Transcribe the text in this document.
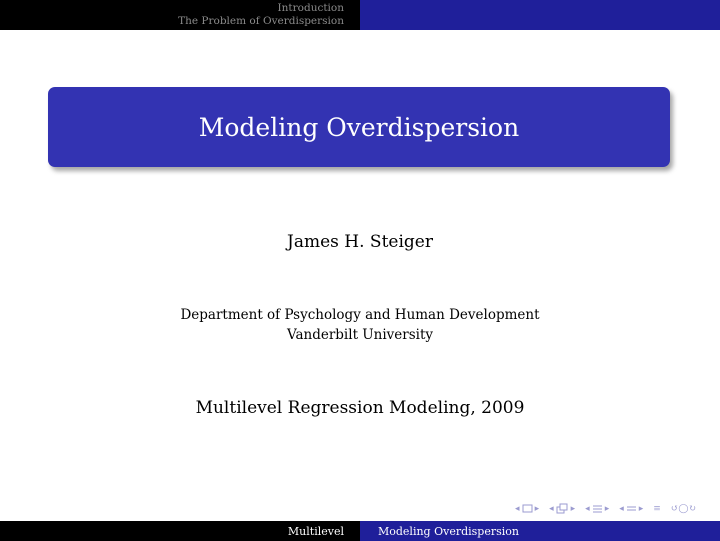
Introduction
The Problem of Overdispersion
Modeling Overdispersion
James H. Steiger
Department of Psychology and Human Development
Vanderbilt University
Multilevel Regression Modeling, 2009
◂ ▸ ◂ ▸ ◂ ▸ ◂ ▸ ≡ ↺◯↻
Multilevel	Modeling Overdispersion
